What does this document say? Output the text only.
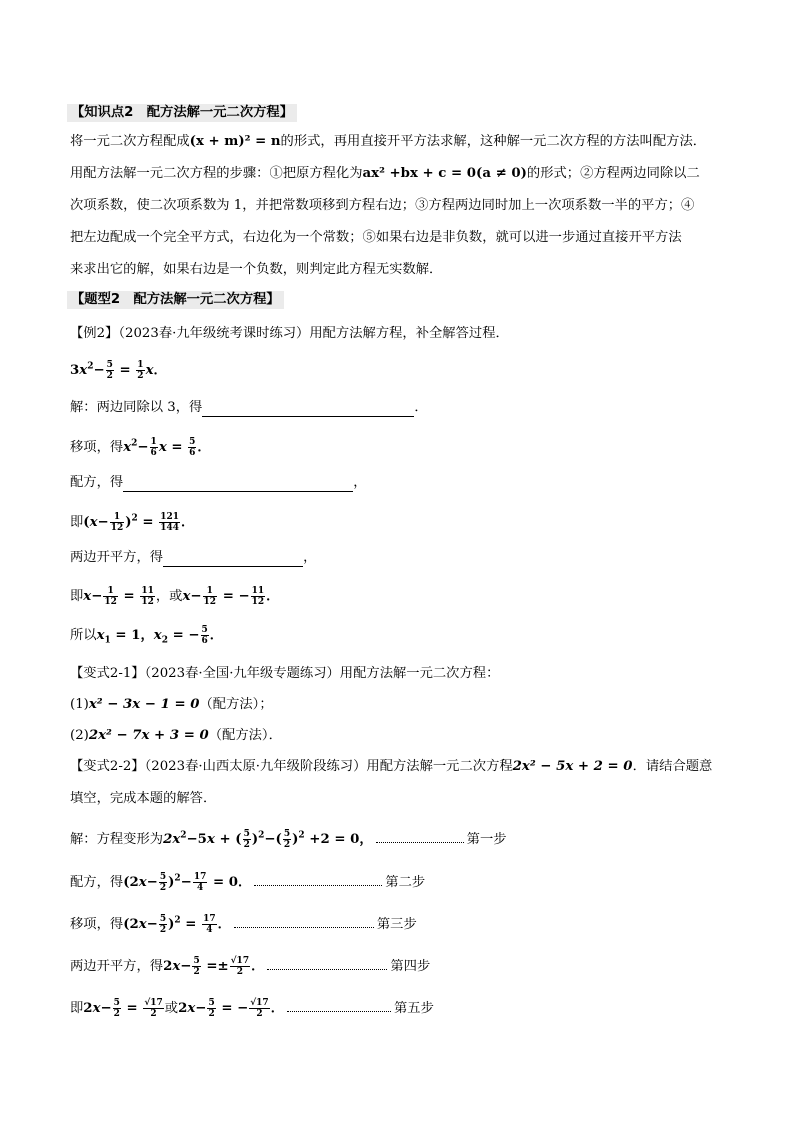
【知识点2　配方法解一元二次方程】
将一元二次方程配成(x + m)² = n的形式，再用直接开平方法求解，这种解一元二次方程的方法叫配方法．
用配方法解一元二次方程的步骤：①把原方程化为ax² +bx + c = 0(a ≠ 0)的形式；②方程两边同除以二
次项系数，使二次项系数为 1，并把常数项移到方程右边；③方程两边同时加上一次项系数一半的平方；④
把左边配成一个完全平方式，右边化为一个常数；⑤如果右边是非负数，就可以进一步通过直接开平方法
来求出它的解，如果右边是一个负数，则判定此方程无实数解．
【题型2　配方法解一元二次方程】
【例2】（2023春·九年级统考课时练习）用配方法解方程，补全解答过程．
$3x^2- \frac{5}{2} = \frac{1}{2}$ x．
解：两边同除以 3，得	．
移项，得$x^2- \frac{1}{6}$ $x = \frac{5}{6}$ ．
配方，得	，
即$(x- \frac{1}{12} )^2 = \frac{121}{144}$ ．
两边开平方，得	，
即$x- \frac{1}{12} = \frac{11}{12}$ ，或$x- \frac{1}{12}$ = − $\frac{11}{12}$ ．
所以$x_1 = 1$，$x_2$ = − $\frac{5}{6}$ ．
【变式2-1】（2023春·全国·九年级专题练习）用配方法解一元二次方程：
(1)x² − 3x − 1 = 0（配方法）；
(2)2x² − 7x + 3 = 0（配方法）．
【变式2-2】（2023春·山西太原·九年级阶段练习）用配方法解一元二次方程2x² − 5x + 2 = 0．请结合题意
填空，完成本题的解答．
解：方程变形为$2x^2-5x$ + ( $\frac{5}{2} )^2-( \frac{5}{2} )^2 +2 = 0$，	第一步
配方，得$(2x- \frac{5}{2} )^2- \frac{17}{4} = 0$．	第二步
移项，得$(2x- \frac{5}{2} )^2 = \frac{17}{4}$ ．	第三步
两边开平方，得$2x- \frac{5}{2} =\pm \frac{√17}{2}$ ．	第四步
即$2x- \frac{5}{2} = \frac{√17}{2}$ 或$2x- \frac{5}{2}$ = − $\frac{√17}{2}$ ．	第五步
